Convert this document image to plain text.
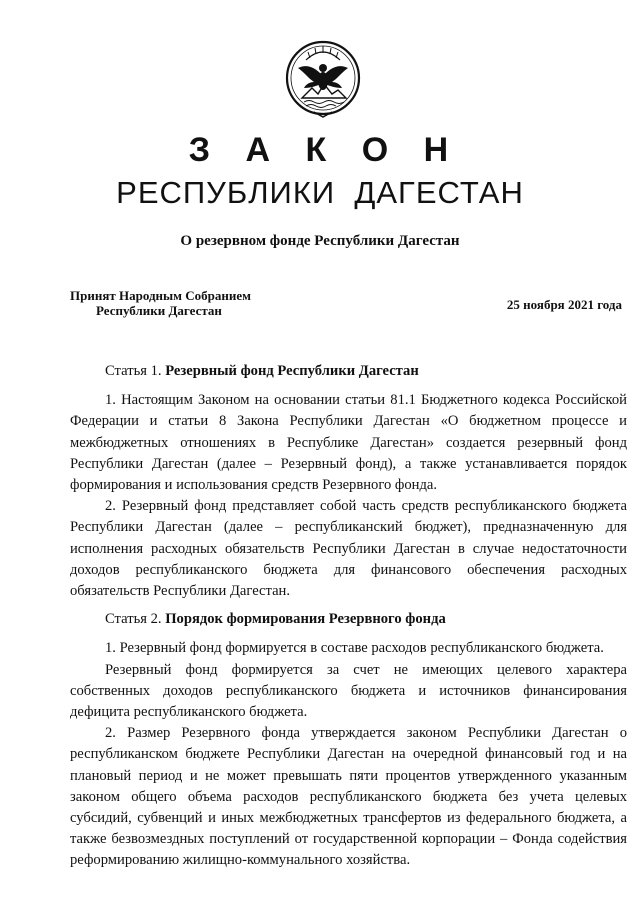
З А К О Н
РЕСПУБЛИКИ  ДАГЕСТАН
О резервном фонде Республики Дагестан
Принят Народным Собранием
Республики Дагестан	25 ноября 2021 года

Статья 1. Резервный фонд Республики Дагестан

1. Настоящим Законом на основании статьи 81.1 Бюджетного кодекса Российской Федерации и статьи 8 Закона Республики Дагестан «О бюджетном процессе и межбюджетных отношениях в Республике Дагестан» создается резервный фонд Республики Дагестан (далее – Резервный фонд), а также устанавливается порядок формирования и использования средств Резервного фонда.

2. Резервный фонд представляет собой часть средств республиканского бюджета Республики Дагестан (далее – республиканский бюджет), предназначенную для исполнения расходных обязательств Республики Дагестан в случае недостаточности доходов республиканского бюджета для финансового обеспечения расходных обязательств Республики Дагестан.

Статья 2. Порядок формирования Резервного фонда

1. Резервный фонд формируется в составе расходов республиканского бюджета.

Резервный фонд формируется за счет не имеющих целевого характера собственных доходов республиканского бюджета и источников финансирования дефицита республиканского бюджета.

2. Размер Резервного фонда утверждается законом Республики Дагестан о республиканском бюджете Республики Дагестан на очередной финансовый год и на плановый период и не может превышать пяти процентов утвержденного указанным законом общего объема расходов республиканского бюджета без учета целевых субсидий, субвенций и иных межбюджетных трансфертов из федерального бюджета, а также безвозмездных поступлений от государственной корпорации – Фонда содействия реформированию жилищно-коммунального хозяйства.
